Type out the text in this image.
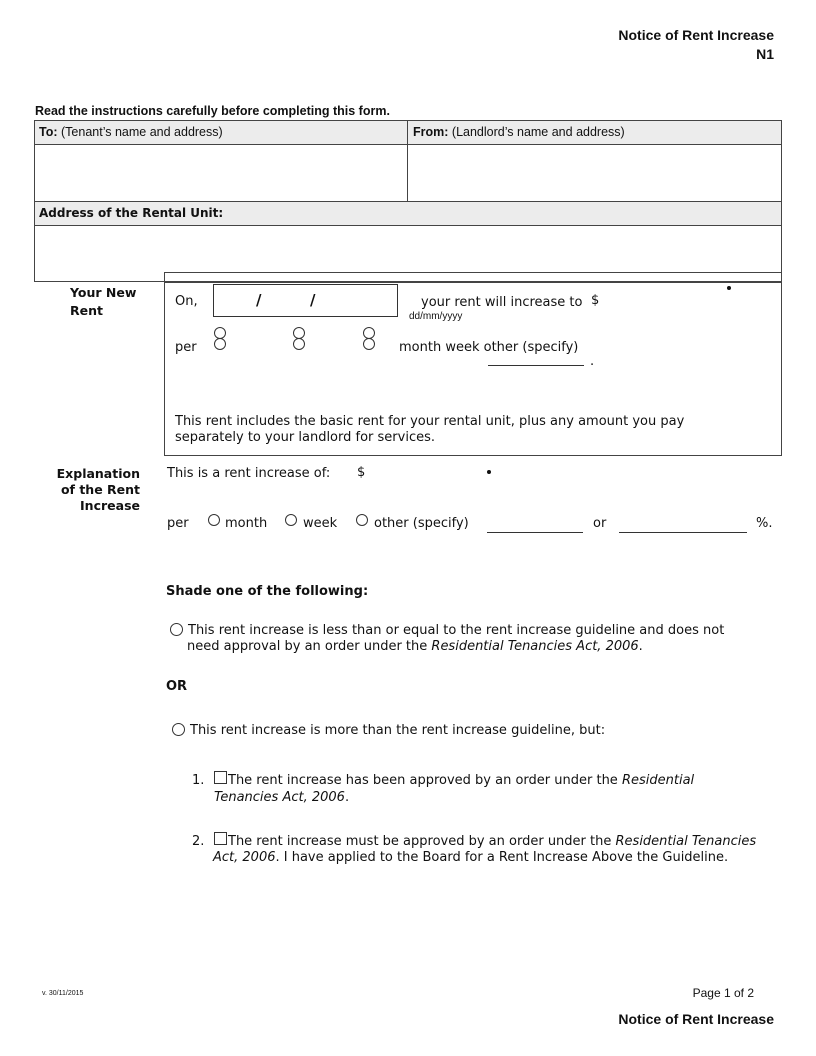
Notice of Rent Increase
N1
Read the instructions carefully before completing this form.
To: (Tenant’s name and address)	From: (Landlord’s name and address)
Address of the Rental Unit:
Your New
Rent
On,	/	/
dd/mm/yyyy
your rent will increase to $
per	month week other (specify)
.
This rent includes the basic rent for your rental unit, plus any amount you pay
separately to your landlord for services.
Explanation
of the Rent
Increase
This is a rent increase of: $
per	month	week	other (specify)	or	%.
Shade one of the following:
This rent increase is less than or equal to the rent increase guideline and does not
need approval by an order under the Residential Tenancies Act, 2006.
OR
This rent increase is more than the rent increase guideline, but:
1. The rent increase has been approved by an order under the Residential
Tenancies Act, 2006.
2. The rent increase must be approved by an order under the Residential Tenancies
Act, 2006. I have applied to the Board for a Rent Increase Above the Guideline.
v. 30/11/2015	Page 1 of 2
Notice of Rent Increase
